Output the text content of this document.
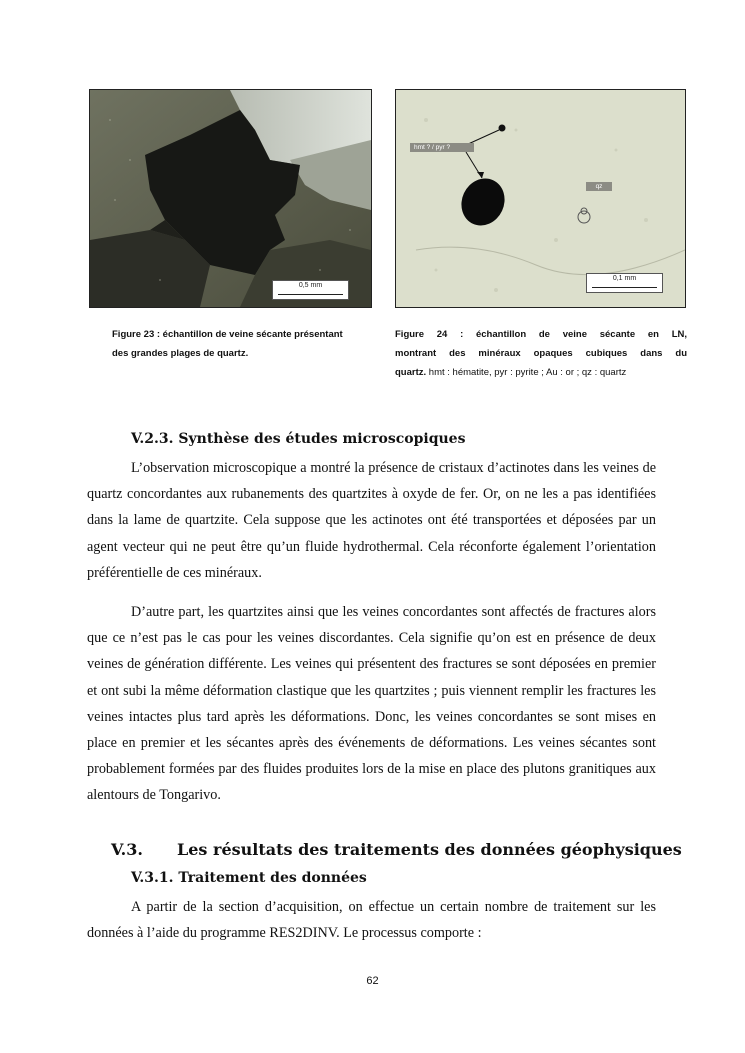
0,5 mm
hmt ? / pyr ?
qz
0,1 mm
Figure 23 : échantillon de veine sécante présentant des grandes plages de quartz.
Figure 24 : échantillon de veine sécante en LN,
montrant des minéraux opaques cubiques dans du
quartz. hmt : hématite, pyr : pyrite ; Au : or ; qz : quartz
V.2.3. Synthèse des études microscopiques

L’observation microscopique a montré la présence de cristaux d’actinotes dans les veines de quartz concordantes aux rubanements des quartzites à oxyde de fer. Or, on ne les a pas identifiées dans la lame de quartzite. Cela suppose que les actinotes ont été transportées et déposées par un agent vecteur qui ne peut être qu’un fluide hydrothermal. Cela réconforte également l’orientation préférentielle de ces minéraux.

D’autre part, les quartzites ainsi que les veines concordantes sont affectés de fractures alors que ce n’est pas le cas pour les veines discordantes. Cela signifie qu’on est en présence de deux veines de génération différente. Les veines qui présentent des fractures se sont déposées en premier et ont subi la même déformation clastique que les quartzites ; puis viennent remplir les fractures les veines intactes plus tard après les déformations. Donc, les veines concordantes se sont mises en place en premier et les sécantes après des événements de déformations. Les veines sécantes sont probablement formées par des fluides produites lors de la mise en place des plutons granitiques aux alentours de Tongarivo.

V.3. Les résultats des traitements des données géophysiques
V.3.1. Traitement des données

A partir de la section d’acquisition, on effectue un certain nombre de traitement sur les données à l’aide du programme RES2DINV. Le processus comporte :

62
